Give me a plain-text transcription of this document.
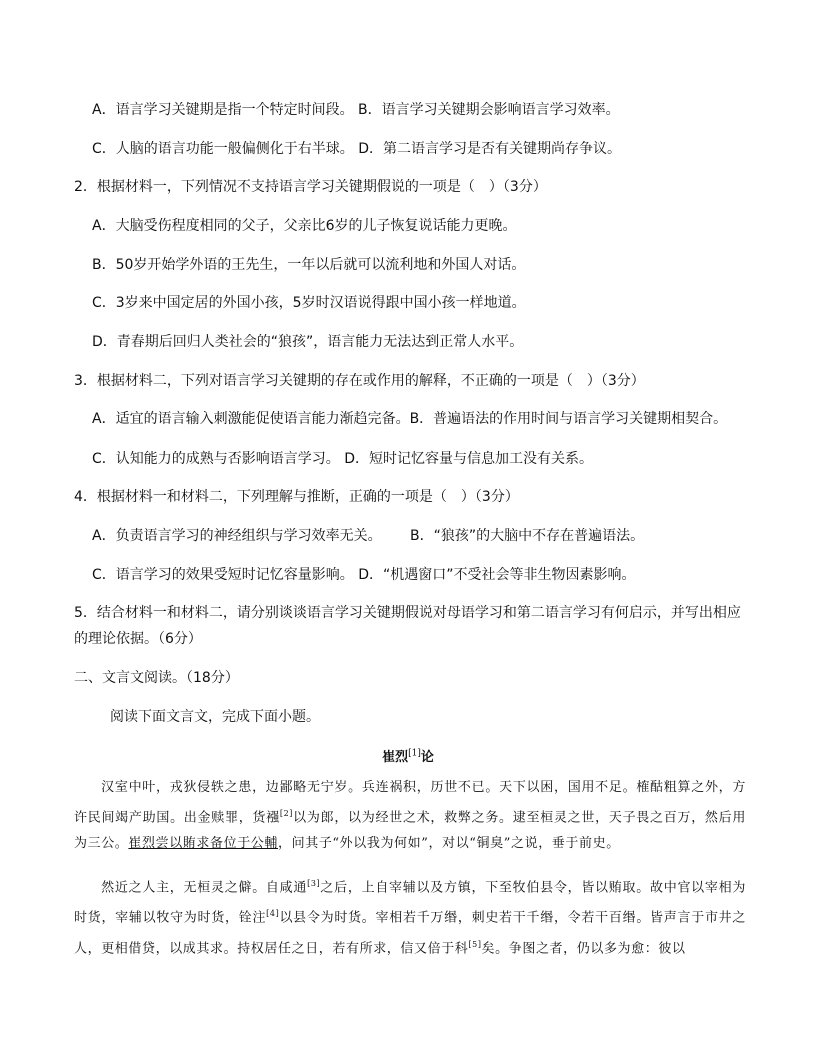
A．语言学习关键期是指一个特定时间段。 B．语言学习关键期会影响语言学习效率。
C．人脑的语言功能一般偏侧化于右半球。 D．第二语言学习是否有关键期尚存争议。
2．根据材料一，下列情况不支持语言学习关键期假说的一项是（　）（3分）
A．大脑受伤程度相同的父子，父亲比6岁的儿子恢复说话能力更晚。
B．50岁开始学外语的王先生，一年以后就可以流利地和外国人对话。
C．3岁来中国定居的外国小孩，5岁时汉语说得跟中国小孩一样地道。
D．青春期后回归人类社会的“狼孩”，语言能力无法达到正常人水平。
3．根据材料二，下列对语言学习关键期的存在或作用的解释，不正确的一项是（　）（3分）
A．适宜的语言输入刺激能促使语言能力渐趋完备。B．普遍语法的作用时间与语言学习关键期相契合。
C．认知能力的成熟与否影响语言学习。 D．短时记忆容量与信息加工没有关系。
4．根据材料一和材料二，下列理解与推断，正确的一项是（　）（3分）
A．负责语言学习的神经组织与学习效率无关。 B．“狼孩”的大脑中不存在普遍语法。
C．语言学习的效果受短时记忆容量影响。 D．“机遇窗口”不受社会等非生物因素影响。
5．结合材料一和材料二，请分别谈谈语言学习关键期假说对母语学习和第二语言学习有何启示，并写出相应
的理论依据。（6分）
二、文言文阅读。（18分）
阅读下面文言文，完成下面小题。
崔烈[1]论
汉室中叶，戎狄侵轶之患，边鄙略无宁岁。兵连祸积，历世不已。天下以困，国用不足。榷酤粗算之外，方许民间竭产助国。出金赎罪，货襁[2]以为郎，以为经世之术，救弊之务。逮至桓灵之世，天子畏之百万，然后用为三公。崔烈尝以賄求备位于公輔，问其子“外以我为何如”，对以“铜臭”之说，垂于前史。
然近之人主，无桓灵之僻。自咸通[3]之后，上自宰辅以及方镇，下至牧伯县令，皆以贿取。故中官以宰相为时货，宰辅以牧守为时货，铨注[4]以县令为时货。宰相若千万缗，刺史若干千缗，令若干百缗。皆声言于市井之人，更相借贷，以成其求。持权居任之日，若有所求，信又倍于科[5]矣。争图之者，仍以多为愈：彼以
